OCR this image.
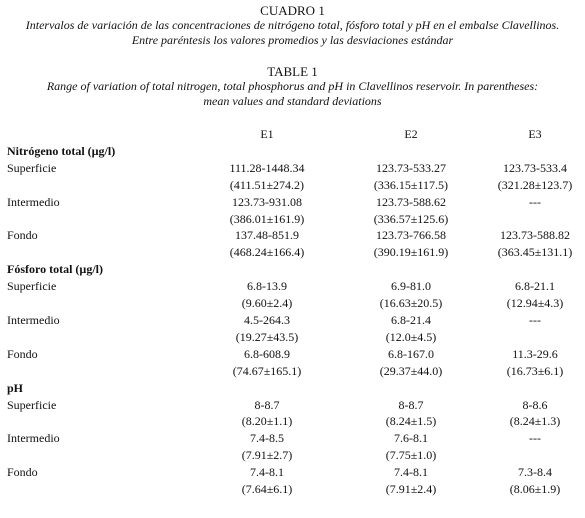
CUADRO 1
Intervalos de variación de las concentraciones de nitrógeno total, fósforo total y pH en el embalse Clavellinos.
Entre paréntesis los valores promedios y las desviaciones estándar
TABLE 1
Range of variation of total nitrogen, total phosphorus and pH in Clavellinos reservoir. In parentheses:
mean values and standard deviations
	E1	E2	E3
Nitrógeno total (µg/l)			
Superficie	111.28-1448.34	123.73-533.27	123.73-533.4
	(411.51±274.2)	(336.15±117.5)	(321.28±123.7)
Intermedio	123.73-931.08	123.73-588.62	---
	(386.01±161.9)	(336.57±125.6)	
Fondo	137.48-851.9	123.73-766.58	123.73-588.82
	(468.24±166.4)	(390.19±161.9)	(363.45±131.1)
Fósforo total (µg/l)			
Superficie	6.8-13.9	6.9-81.0	6.8-21.1
	(9.60±2.4)	(16.63±20.5)	(12.94±4.3)
Intermedio	4.5-264.3	6.8-21.4	---
	(19.27±43.5)	(12.0±4.5)	
Fondo	6.8-608.9	6.8-167.0	11.3-29.6
	(74.67±165.1)	(29.37±44.0)	(16.73±6.1)
pH			
Superficie	8-8.7	8-8.7	8-8.6
	(8.20±1.1)	(8.24±1.5)	(8.24±1.3)
Intermedio	7.4-8.5	7.6-8.1	---
	(7.91±2.7)	(7.75±1.0)	
Fondo	7.4-8.1	7.4-8.1	7.3-8.4
	(7.64±6.1)	(7.91±2.4)	(8.06±1.9)
